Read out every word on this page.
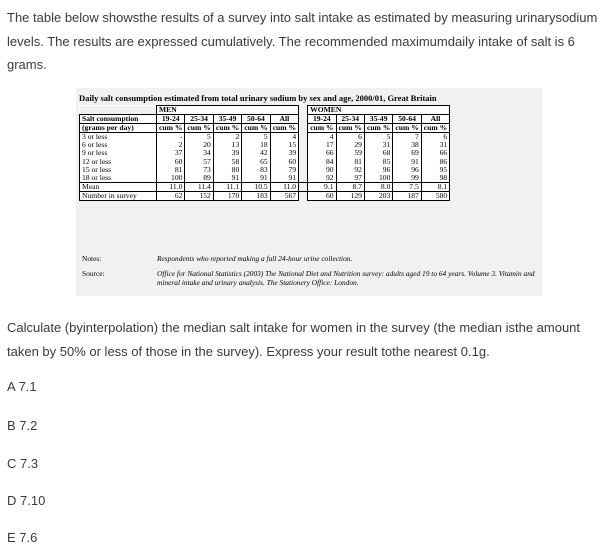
The table below showsthe results of a survey into salt intake as estimated by measuring urinarysodium levels. The results are expressed cumulatively. The recommended maximumdaily intake of salt is 6 grams.
Daily salt consumption estimated from total urinary sodium by sex and age, 2000/01, Great Britain
	MEN						WOMEN				
Salt consumption	19-24	25-34	35-49	50-64	All		19-24	25-34	35-49	50-64	All
(grams per day)	cum %	cum %	cum %	cum %	cum %		cum %	cum %	cum %	cum %	cum %
3 or less	-	5	2	5	4		4	6	5	7	6
6 or less	2	20	13	18	15		17	29	31	38	31
9 or less	37	34	39	42	39		66	59	68	69	66
12 or less	60	57	58	65	60		84	81	85	91	86
15 or less	81	73	80	83	79		90	92	96	96	95
18 or less	100	89	91	91	91		92	97	100	99	98
Mean	11.0	11.4	11.1	10.5	11.0		9.1	8.7	8.0	7.5	8.1
Number in survey	62	152	170	183	567		60	129	203	187	580
Notes:	Respondents who reported making a full 24-hour urine collection.
Source:	Office for National Statistics (2003) The National Diet and Nutrition survey: adults aged 19 to 64 years. Volume 3. Vitamin and mineral intake and urinary analysis. The Stationery Office: London.
Calculate (byinterpolation) the median salt intake for women in the survey (the median isthe amount taken by 50% or less of those in the survey). Express your result tothe nearest 0.1g.
A 7.1
B 7.2
C 7.3
D 7.10
E 7.6
